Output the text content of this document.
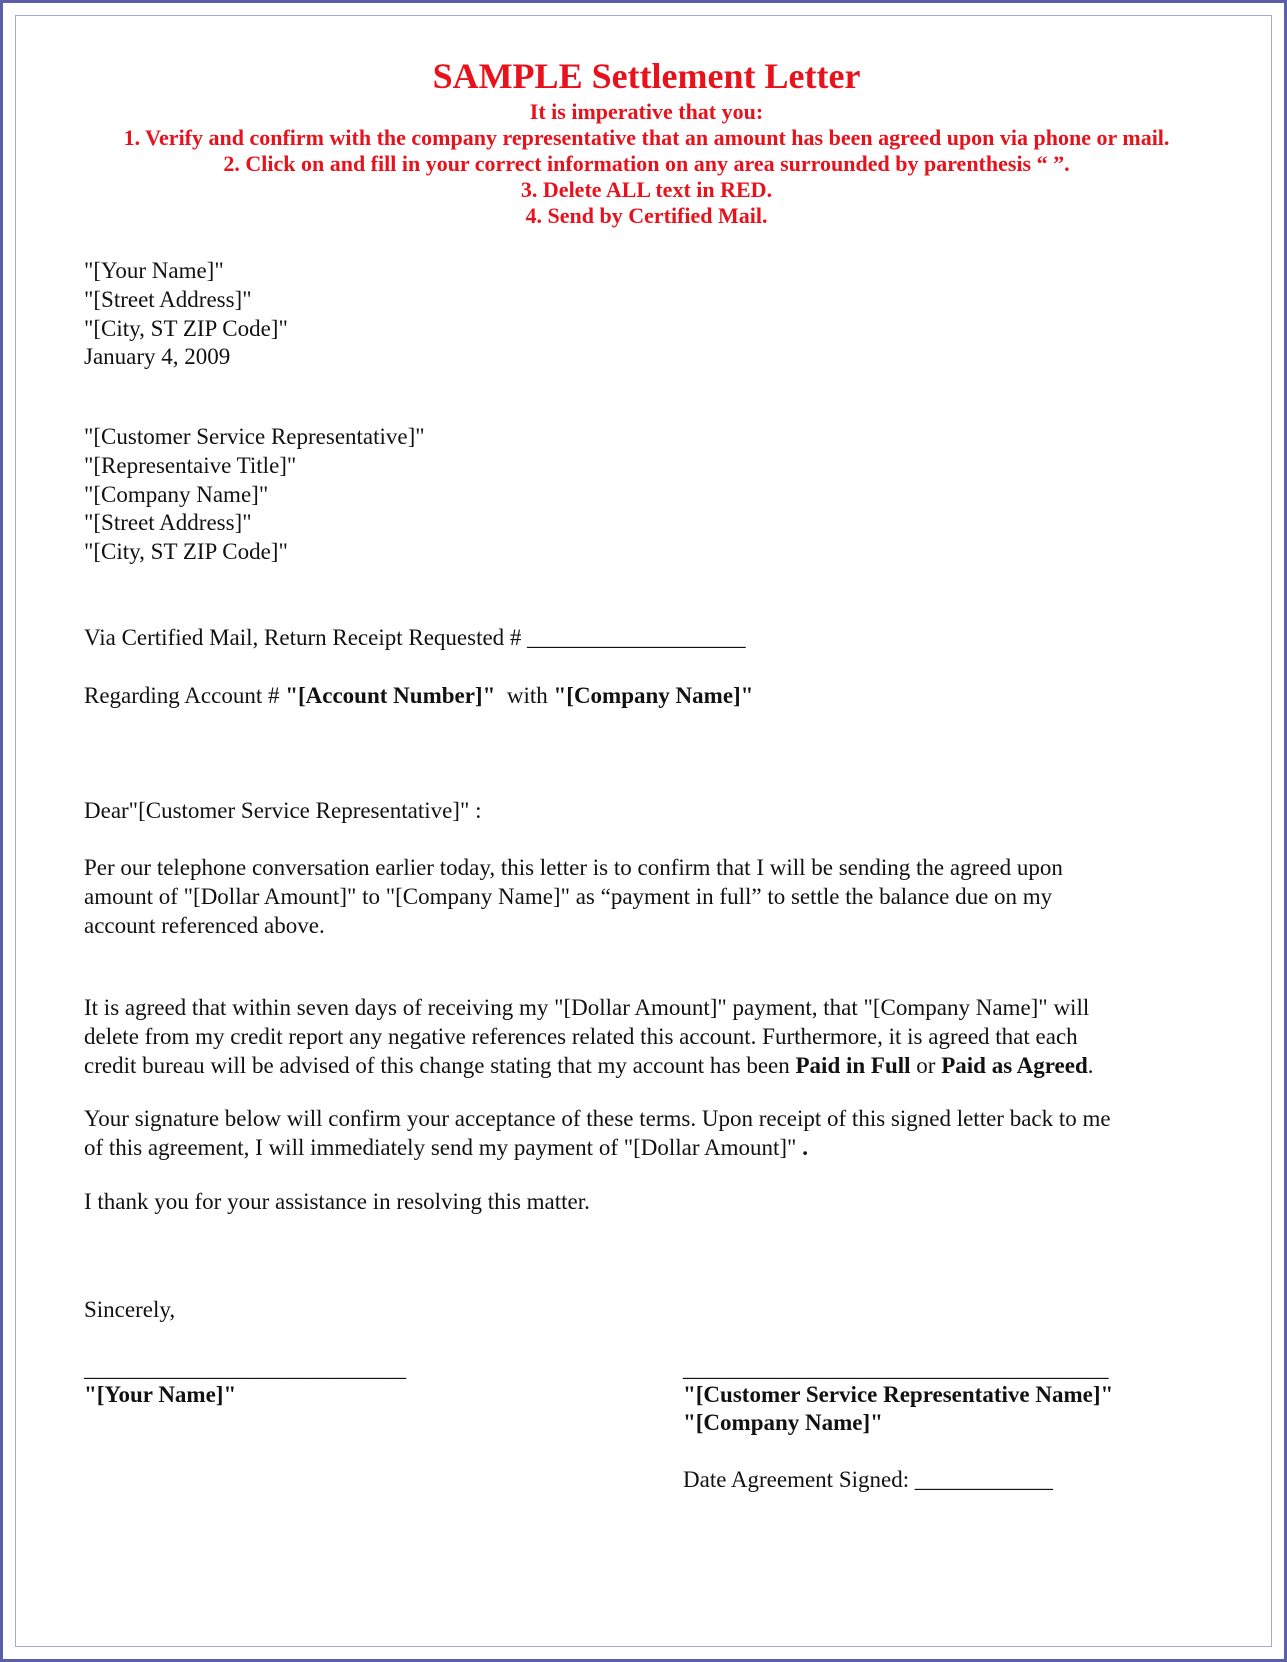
SAMPLE Settlement Letter
It is imperative that you:
1. Verify and confirm with the company representative that an amount has been agreed upon via phone or mail.
2. Click on and fill in your correct information on any area surrounded by parenthesis “ ”.
3. Delete ALL text in RED.
4. Send by Certified Mail.
"[Your Name]"
"[Street Address]"
"[City, ST ZIP Code]"
January 4, 2009
"[Customer Service Representative]"
"[Representaive Title]"
"[Company Name]"
"[Street Address]"
"[City, ST ZIP Code]"
Via Certified Mail, Return Receipt Requested # ___________________
Regarding Account # "[Account Number]"  with "[Company Name]"
Dear"[Customer Service Representative]" :
Per our telephone conversation earlier today, this letter is to confirm that I will be sending the agreed upon
amount of "[Dollar Amount]" to "[Company Name]" as “payment in full” to settle the balance due on my
account referenced above.
It is agreed that within seven days of receiving my "[Dollar Amount]" payment, that "[Company Name]" will
delete from my credit report any negative references related this account. Furthermore, it is agreed that each
credit bureau will be advised of this change stating that my account has been Paid in Full or Paid as Agreed.
Your signature below will confirm your acceptance of these terms. Upon receipt of this signed letter back to me
of this agreement, I will immediately send my payment of "[Dollar Amount]" .
I thank you for your assistance in resolving this matter.
Sincerely,
____________________________
"[Your Name]"
_____________________________________
"[Customer Service Representative Name]"
"[Company Name]"
Date Agreement Signed: ____________
